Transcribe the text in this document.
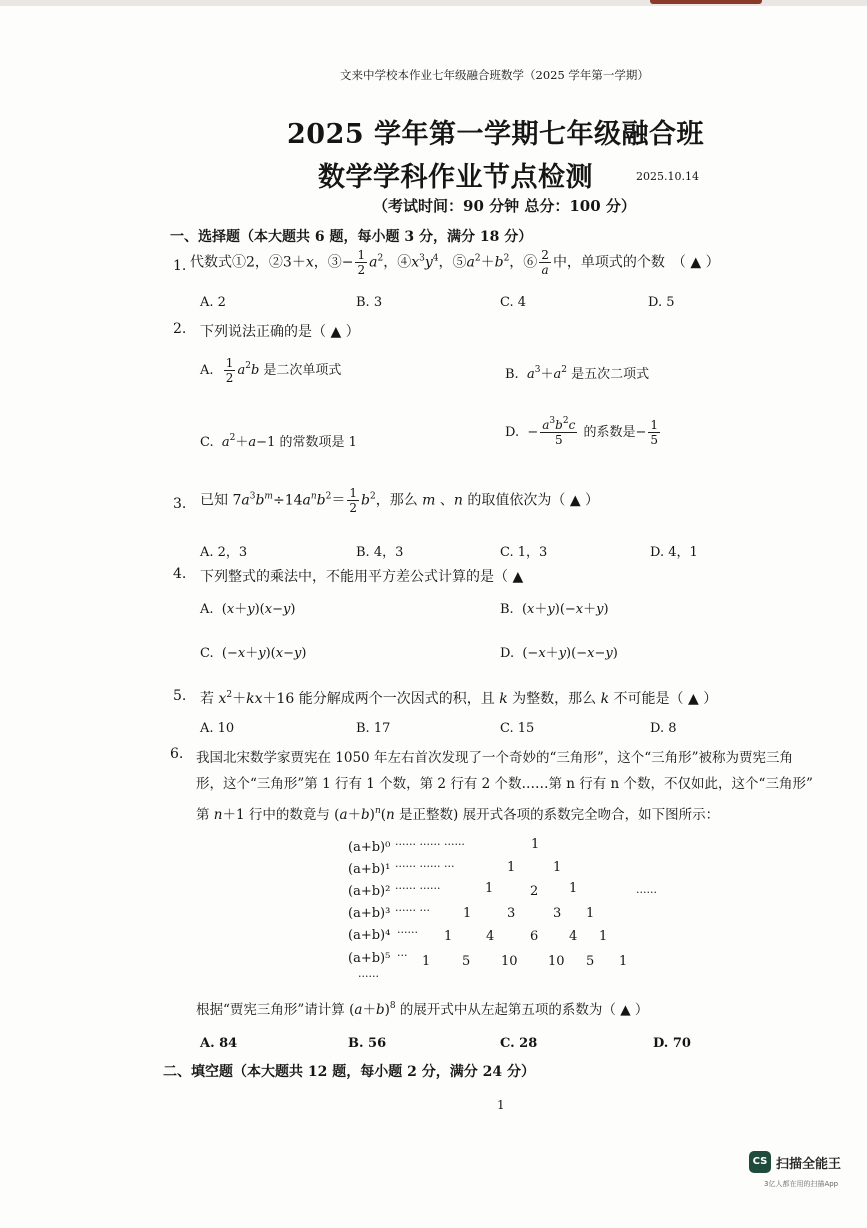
文来中学校本作业七年级融合班数学（2025 学年第一学期）
2025 学年第一学期七年级融合班
数学学科作业节点检测	2025.10.14
（考试时间：90 分钟 总分：100 分）
一、选择题（本大题共 6 题，每小题 3 分，满分 18 分）
1. 代数式①2，②3＋x，③− $\frac{1}{2} a^2$，$④x^3y^4$，$⑤a^2+b^2$，⑥ $\frac{2}{a}$ 中，单项式的个数　（ ▲ ）
A. 2	B. 3	C. 4	D. 5
2. 下列说法正确的是（ ▲ ）
A. $\frac{1}{2} a^2b$ 是二次单项式	B.  $a^3+a^2$ 是五次二项式
C.  $a^2+a-1$ 的常数项是 1
D.  − $\frac{a^3b^2c}{5}$ 的系数是− $\frac{1}{5}$
3. 已知 $7a^3b^m\div 14a^nb^2= \frac{1}{2} b^2$，那么 m 、n 的取值依次为（ ▲ ）
A. 2，3	B. 4，3	C. 1，3	D. 4，1
4. 下列整式的乘法中，不能用平方差公式计算的是（ ▲
A.  (x＋y)(x−y)	B.  (x＋y)(−x＋y)
C.  (−x＋y)(x−y)	D.  (−x＋y)(−x−y)
5. 若 $x^2+kx+16$ 能分解成两个一次因式的积，且 k 为整数，那么 k 不可能是（ ▲ ）
A. 10	B. 17	C. 15	D. 8
6. 我国北宋数学家贾宪在 1050 年左右首次发现了一个奇妙的“三角形”，这个“三角形”被称为贾宪三角
形，这个“三角形”第 1 行有 1 个数，第 2 行有 2 个数……第 n 行有 n 个数，不仅如此，这个“三角形”
第 n＋1 行中的数竟与 $(a+b)^n(n$ 是正整数) 展开式各项的系数完全吻合，如下图所示：
(a+b)⁰ ······ ······ ······	1
(a+b)¹ ······ ······ ···	1	1
(a+b)² ······ ······	1	2 1	······
(a+b)³ ······ ···	1	3	3 1
(a+b)⁴ ······ 1	4	6 4 1
(a+b)⁵ ··· 1 5 10 10 5 1
······
根据“贾宪三角形”请计算 $(a+b)^8$ 的展开式中从左起第五项的系数为（ ▲ ）
A. 84	B. 56	C. 28	D. 70
二、填空题（本大题共 12 题，每小题 2 分，满分 24 分）
1
CS 扫描全能王
3亿人都在用的扫描App
